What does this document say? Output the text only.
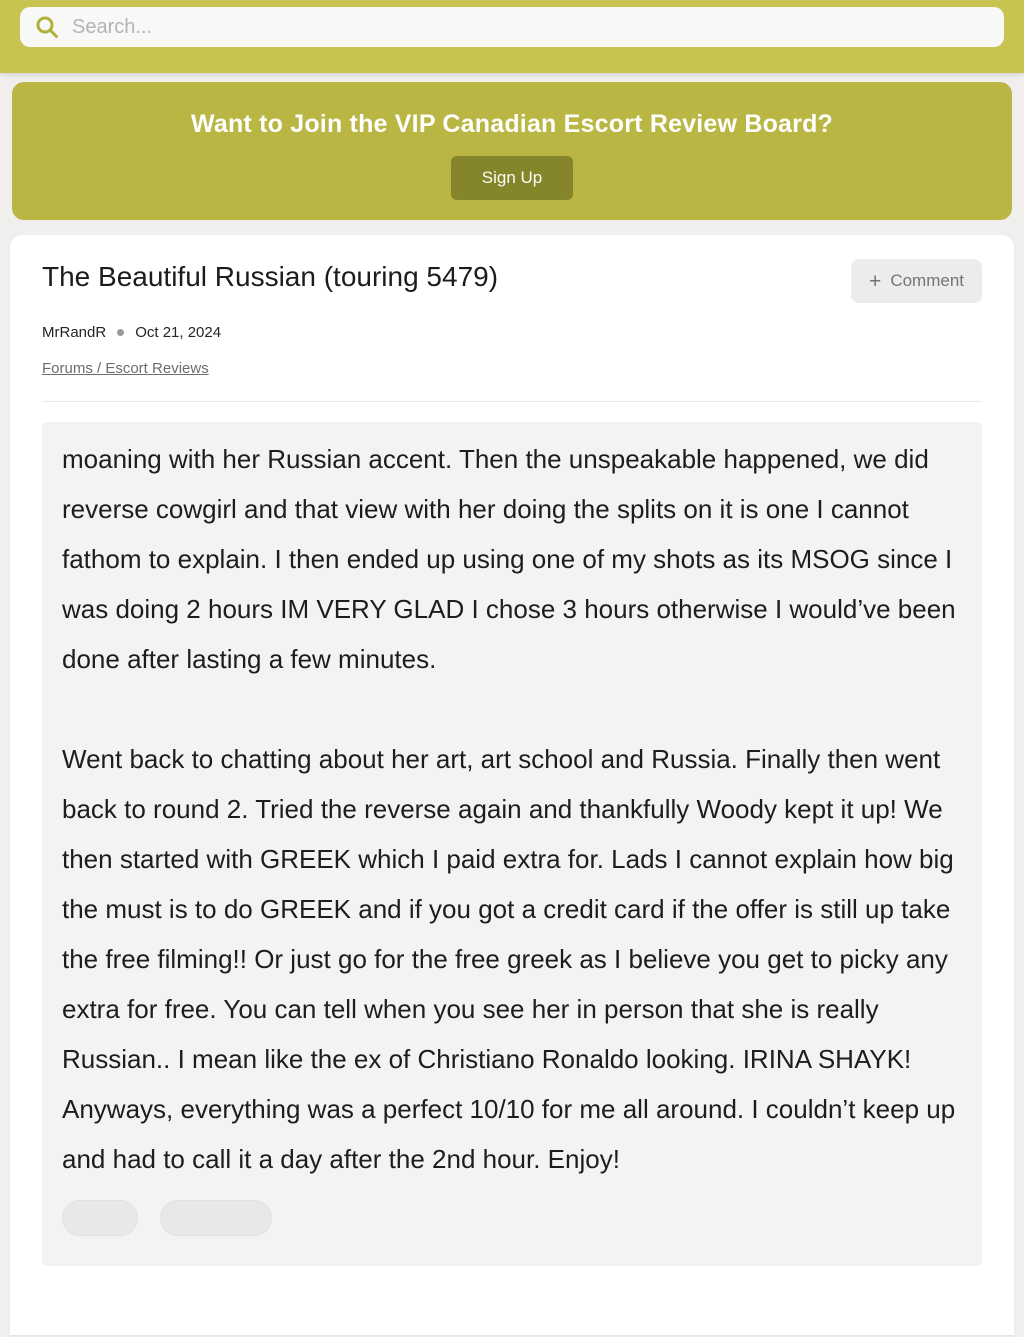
Search...
Want to Join the VIP Canadian Escort Review Board?
Sign Up
The Beautiful Russian (touring 5479)	+ Comment
MrRandR Oct 21, 2024
Forums / Escort Reviews

moaning with her Russian accent. Then the unspeakable happened, we did reverse cowgirl and that view with her doing the splits on it is one I cannot fathom to explain. I then ended up using one of my shots as its MSOG since I was doing 2 hours IM VERY GLAD I chose 3 hours otherwise I would’ve been done after lasting a few minutes.

Went back to chatting about her art, art school and Russia. Finally then went back to round 2. Tried the reverse again and thankfully Woody kept it up! We then started with GREEK which I paid extra for. Lads I cannot explain how big the must is to do GREEK and if you got a credit card if the offer is still up take the free filming!! Or just go for the free greek as I believe you get to picky any extra for free. You can tell when you see her in person that she is really Russian.. I mean like the ex of Christiano Ronaldo looking. IRINA SHAYK! Anyways, everything was a perfect 10/10 for me all around. I couldn’t keep up and had to call it a day after the 2nd hour. Enjoy!
